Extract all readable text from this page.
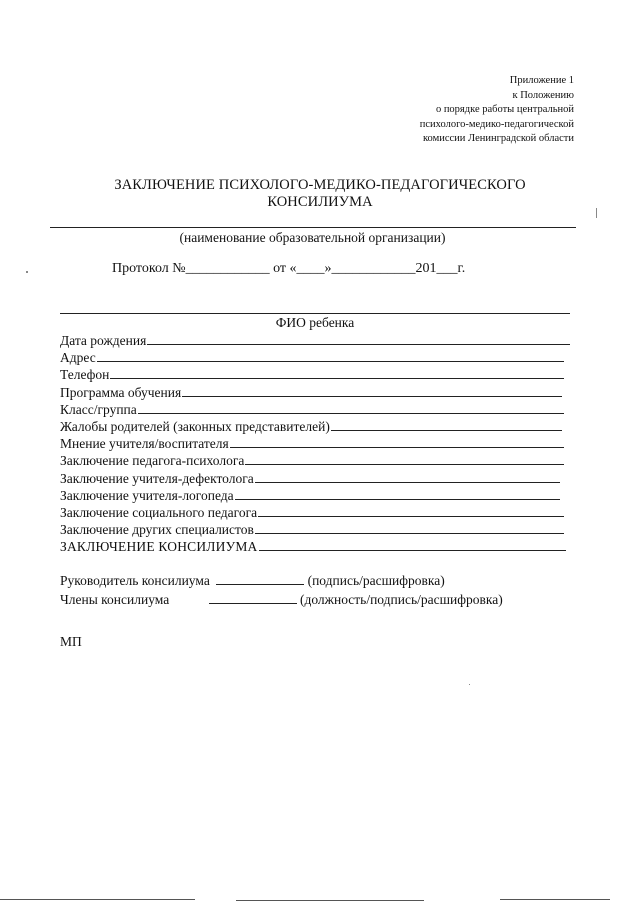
Приложение 1
к Положению
о порядке работы центральной
психолого-медико-педагогической
комиссии Ленинградской области
ЗАКЛЮЧЕНИЕ ПСИХОЛОГО-МЕДИКО-ПЕДАГОГИЧЕСКОГО
КОНСИЛИУМА
(наименование образовательной организации)
Протокол №____________ от «____»____________201___г.
ФИО ребенка
Дата рождения
Адрес
Телефон
Программа обучения
Класс/группа
Жалобы родителей (законных представителей)
Мнение учителя/воспитателя
Заключение педагога-психолога
Заключение учителя-дефектолога
Заключение учителя-логопеда
Заключение социального педагога
Заключение других специалистов
ЗАКЛЮЧЕНИЕ КОНСИЛИУМА
Руководитель консилиума	(подпись/расшифровка)
Члены консилиума	(должность/подпись/расшифровка)
МП
